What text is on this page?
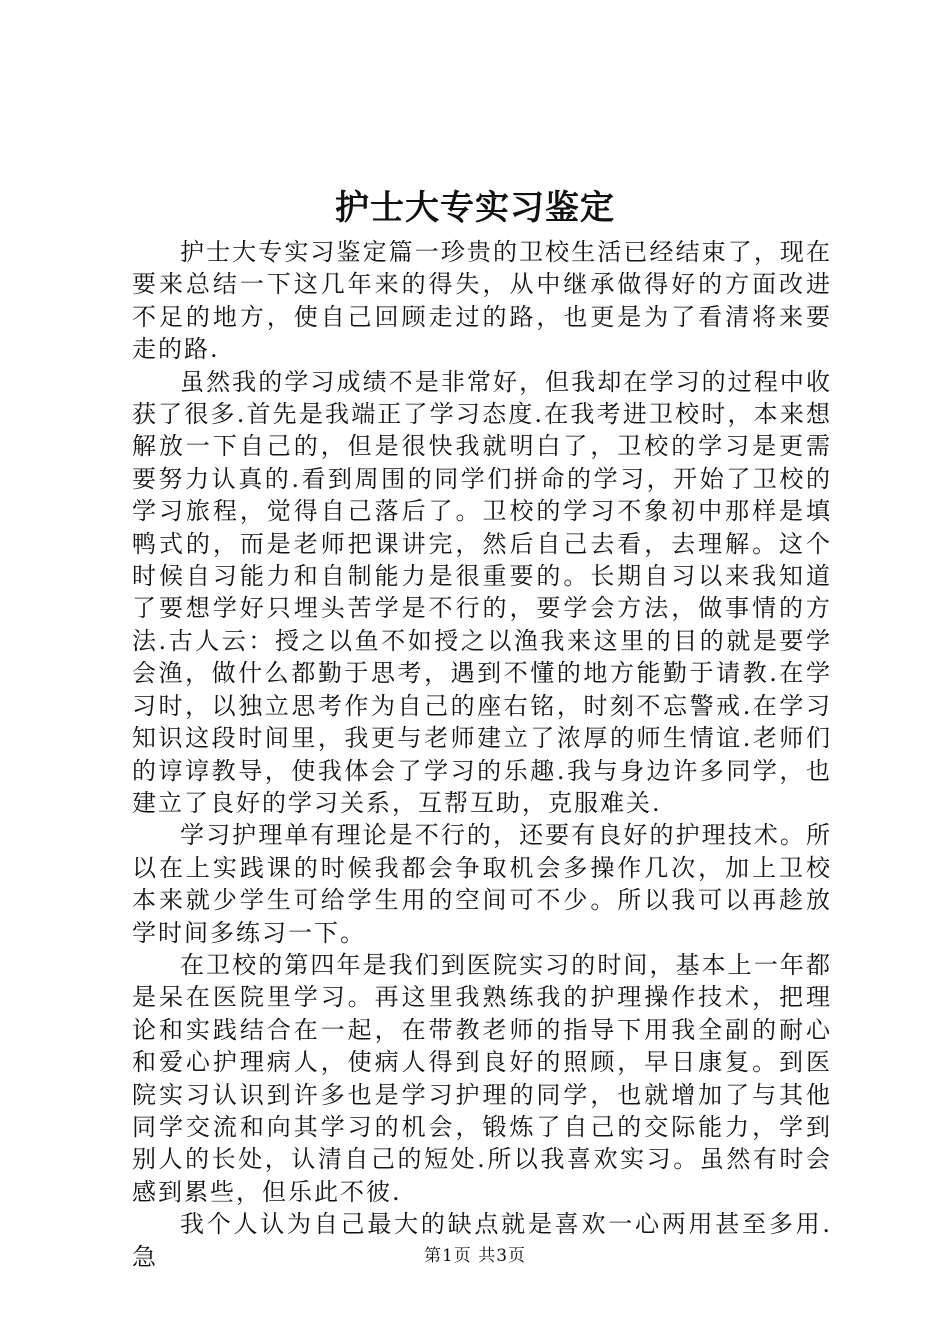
护士大专实习鉴定

护士大专实习鉴定篇一珍贵的卫校生活已经结束了，现在要来总结一下这几年来的得失，从中继承做得好的方面改进不足的地方，使自己回顾走过的路，也更是为了看清将来要走的路.

虽然我的学习成绩不是非常好，但我却在学习的过程中收获了很多.首先是我端正了学习态度.在我考进卫校时，本来想解放一下自己的，但是很快我就明白了，卫校的学习是更需要努力认真的.看到周围的同学们拼命的学习，开始了卫校的学习旅程，觉得自己落后了。卫校的学习不象初中那样是填鸭式的，而是老师把课讲完，然后自己去看，去理解。这个时候自习能力和自制能力是很重要的。长期自习以来我知道了要想学好只埋头苦学是不行的，要学会方法，做事情的方法.古人云：授之以鱼不如授之以渔我来这里的目的就是要学会渔，做什么都勤于思考，遇到不懂的地方能勤于请教.在学习时，以独立思考作为自己的座右铭，时刻不忘警戒.在学习知识这段时间里，我更与老师建立了浓厚的师生情谊.老师们的谆谆教导，使我体会了学习的乐趣.我与身边许多同学，也建立了良好的学习关系，互帮互助，克服难关.

学习护理单有理论是不行的，还要有良好的护理技术。所以在上实践课的时候我都会争取机会多操作几次，加上卫校本来就少学生可给学生用的空间可不少。所以我可以再趁放学时间多练习一下。

在卫校的第四年是我们到医院实习的时间，基本上一年都是呆在医院里学习。再这里我熟练我的护理操作技术，把理论和实践结合在一起，在带教老师的指导下用我全副的耐心和爱心护理病人，使病人得到良好的照顾，早日康复。到医院实习认识到许多也是学习护理的同学，也就增加了与其他同学交流和向其学习的机会，锻炼了自己的交际能力，学到别人的长处，认清自己的短处.所以我喜欢实习。虽然有时会感到累些，但乐此不彼.

我个人认为自己最大的缺点就是喜欢一心两用甚至多用.急	第1页 共3页
